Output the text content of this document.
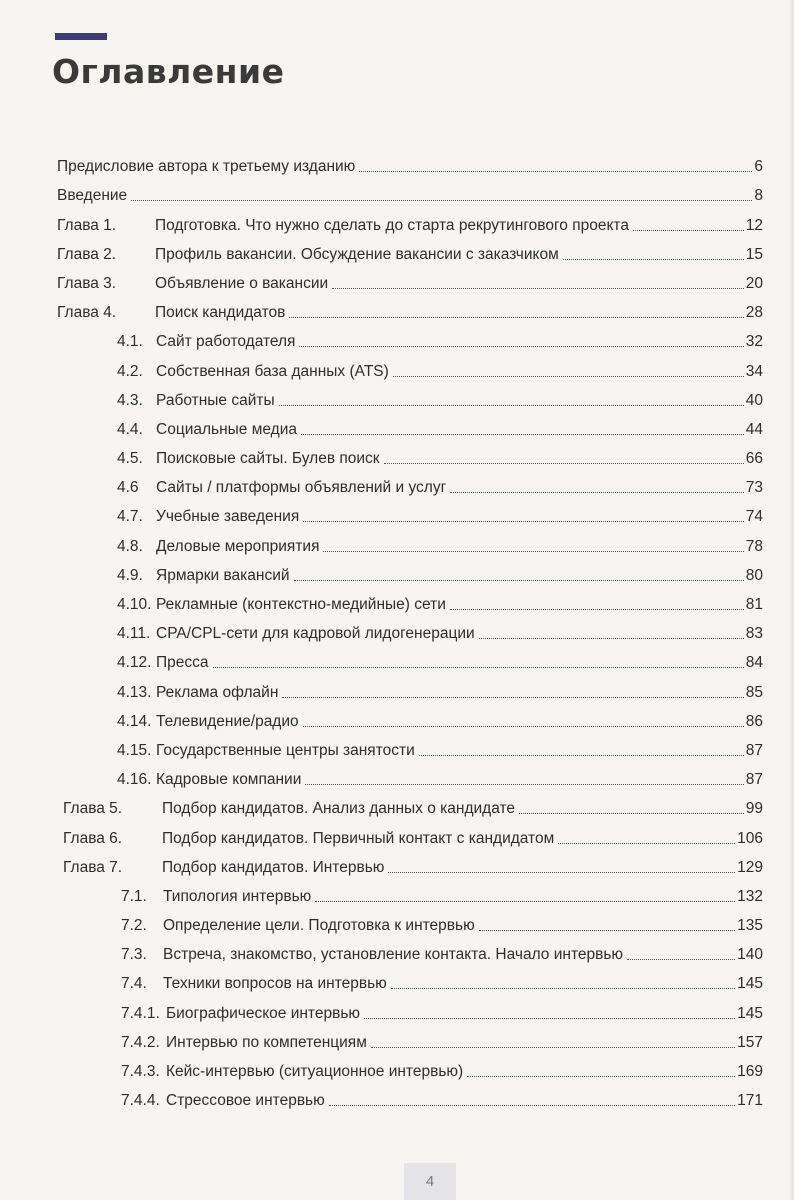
Оглавление
Предисловие автора к третьему изданию	6
Введение	8
Глава 1.	Подготовка. Что нужно сделать до старта рекрутингового проекта	12
Глава 2.	Профиль вакансии. Обсуждение вакансии с заказчиком	15
Глава 3.	Объявление о вакансии	20
Глава 4.	Поиск кандидатов	28
4.1. Сайт работодателя	32
4.2. Собственная база данных (ATS)	34
4.3. Работные сайты	40
4.4. Социальные медиа	44
4.5. Поисковые сайты. Булев поиск	66
4.6 Сайты / платформы объявлений и услуг	73
4.7. Учебные заведения	74
4.8. Деловые мероприятия	78
4.9. Ярмарки вакансий	80
4.10. Рекламные (контекстно-медийные) сети	81
4.11. CPA/CPL-сети для кадровой лидогенерации	83
4.12. Пресса	84
4.13. Реклама офлайн	85
4.14. Телевидение/радио	86
4.15. Государственные центры занятости	87
4.16. Кадровые компании	87
Глава 5.	Подбор кандидатов. Анализ данных о кандидате	99
Глава 6.	Подбор кандидатов. Первичный контакт с кандидатом	106
Глава 7.	Подбор кандидатов. Интервью	129
7.1. Типология интервью	132
7.2. Определение цели. Подготовка к интервью	135
7.3. Встреча, знакомство, установление контакта. Начало интервью	140
7.4. Техники вопросов на интервью	145
7.4.1. Биографическое интервью	145
7.4.2. Интервью по компетенциям	157
7.4.3. Кейс-интервью (ситуационное интервью)	169
7.4.4. Стрессовое интервью	171
4
